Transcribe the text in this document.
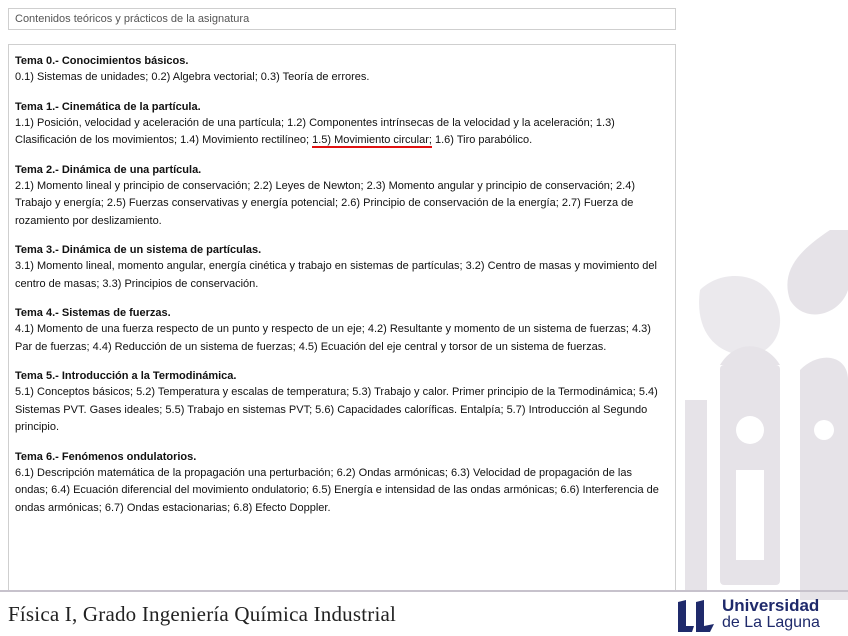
Contenidos teóricos y prácticos de la asignatura

Tema 0.- Conocimientos básicos.

0.1) Sistemas de unidades; 0.2) Algebra vectorial; 0.3) Teoría de errores.

Tema 1.- Cinemática de la partícula.

1.1) Posición, velocidad y aceleración de una partícula; 1.2) Componentes intrínsecas de la velocidad y la aceleración; 1.3) Clasificación de los movimientos; 1.4) Movimiento rectilíneo; 1.5) Movimiento circular; 1.6) Tiro parabólico.

Tema 2.- Dinámica de una partícula.

2.1) Momento lineal y principio de conservación; 2.2) Leyes de Newton; 2.3) Momento angular y principio de conservación; 2.4) Trabajo y energía; 2.5) Fuerzas conservativas y energía potencial; 2.6) Principio de conservación de la energía; 2.7) Fuerza de rozamiento por deslizamiento.

Tema 3.- Dinámica de un sistema de partículas.

3.1) Momento lineal, momento angular, energía cinética y trabajo en sistemas de partículas; 3.2) Centro de masas y movimiento del centro de masas; 3.3) Principios de conservación.

Tema 4.- Sistemas de fuerzas.

4.1) Momento de una fuerza respecto de un punto y respecto de un eje; 4.2) Resultante y momento de un sistema de fuerzas; 4.3) Par de fuerzas; 4.4) Reducción de un sistema de fuerzas; 4.5) Ecuación del eje central y torsor de un sistema de fuerzas.

Tema 5.- Introducción a la Termodinámica.

5.1) Conceptos básicos; 5.2) Temperatura y escalas de temperatura; 5.3) Trabajo y calor. Primer principio de la Termodinámica; 5.4) Sistemas PVT. Gases ideales; 5.5) Trabajo en sistemas PVT; 5.6) Capacidades caloríficas. Entalpía; 5.7) Introducción al Segundo principio.

Tema 6.- Fenómenos ondulatorios.

6.1) Descripción matemática de la propagación una perturbación; 6.2) Ondas armónicas; 6.3) Velocidad de propagación de las ondas; 6.4) Ecuación diferencial del movimiento ondulatorio; 6.5) Energía e intensidad de las ondas armónicas; 6.6) Interferencia de ondas armónicas; 6.7) Ondas estacionarias; 6.8) Efecto Doppler.

Física I, Grado Ingeniería Química Industrial	Universidad
de La Laguna
